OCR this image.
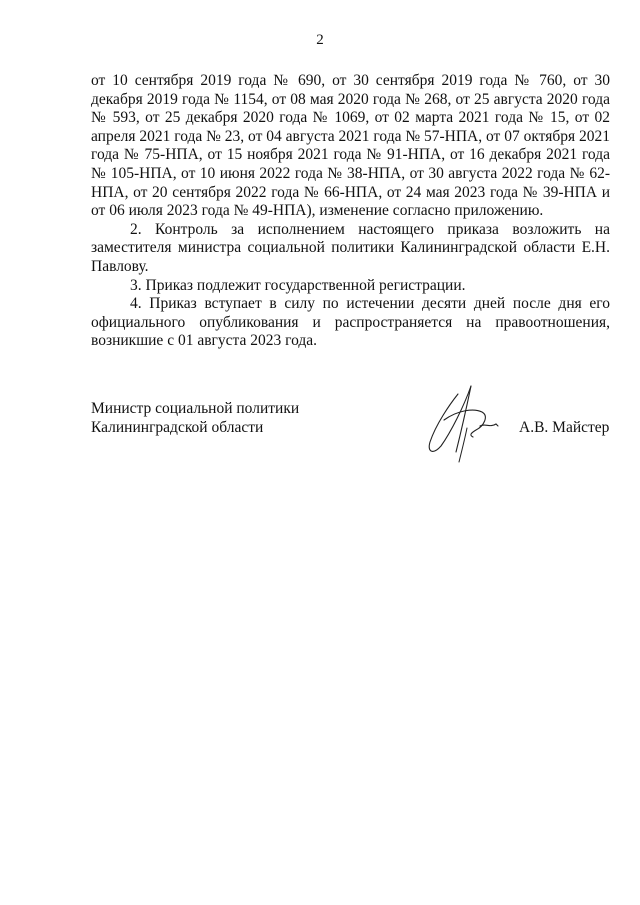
2

от 10 сентября 2019 года № 690, от 30 сентября 2019 года № 760, от 30 декабря 2019 года № 1154, от 08 мая 2020 года № 268, от 25 августа 2020 года № 593, от 25 декабря 2020 года № 1069, от 02 марта 2021 года № 15, от 02 апреля 2021 года № 23, от 04 августа 2021 года № 57-НПА, от 07 октября 2021 года № 75-НПА, от 15 ноября 2021 года № 91-НПА, от 16 декабря 2021 года № 105-НПА, от 10 июня 2022 года № 38-НПА, от 30 августа 2022 года № 62-НПА, от 20 сентября 2022 года № 66-НПА, от 24 мая 2023 года № 39-НПА и от 06 июля 2023 года № 49-НПА), изменение согласно приложению.

2. Контроль за исполнением настоящего приказа возложить на заместителя министра социальной политики Калининградской области Е.Н. Павлову.

3. Приказ подлежит государственной регистрации.

4. Приказ вступает в силу по истечении десяти дней после дня его официального опубликования и распространяется на правоотношения, возникшие с 01 августа 2023 года.

Министр социальной политики
Калининградской области	А.В. Майстер
